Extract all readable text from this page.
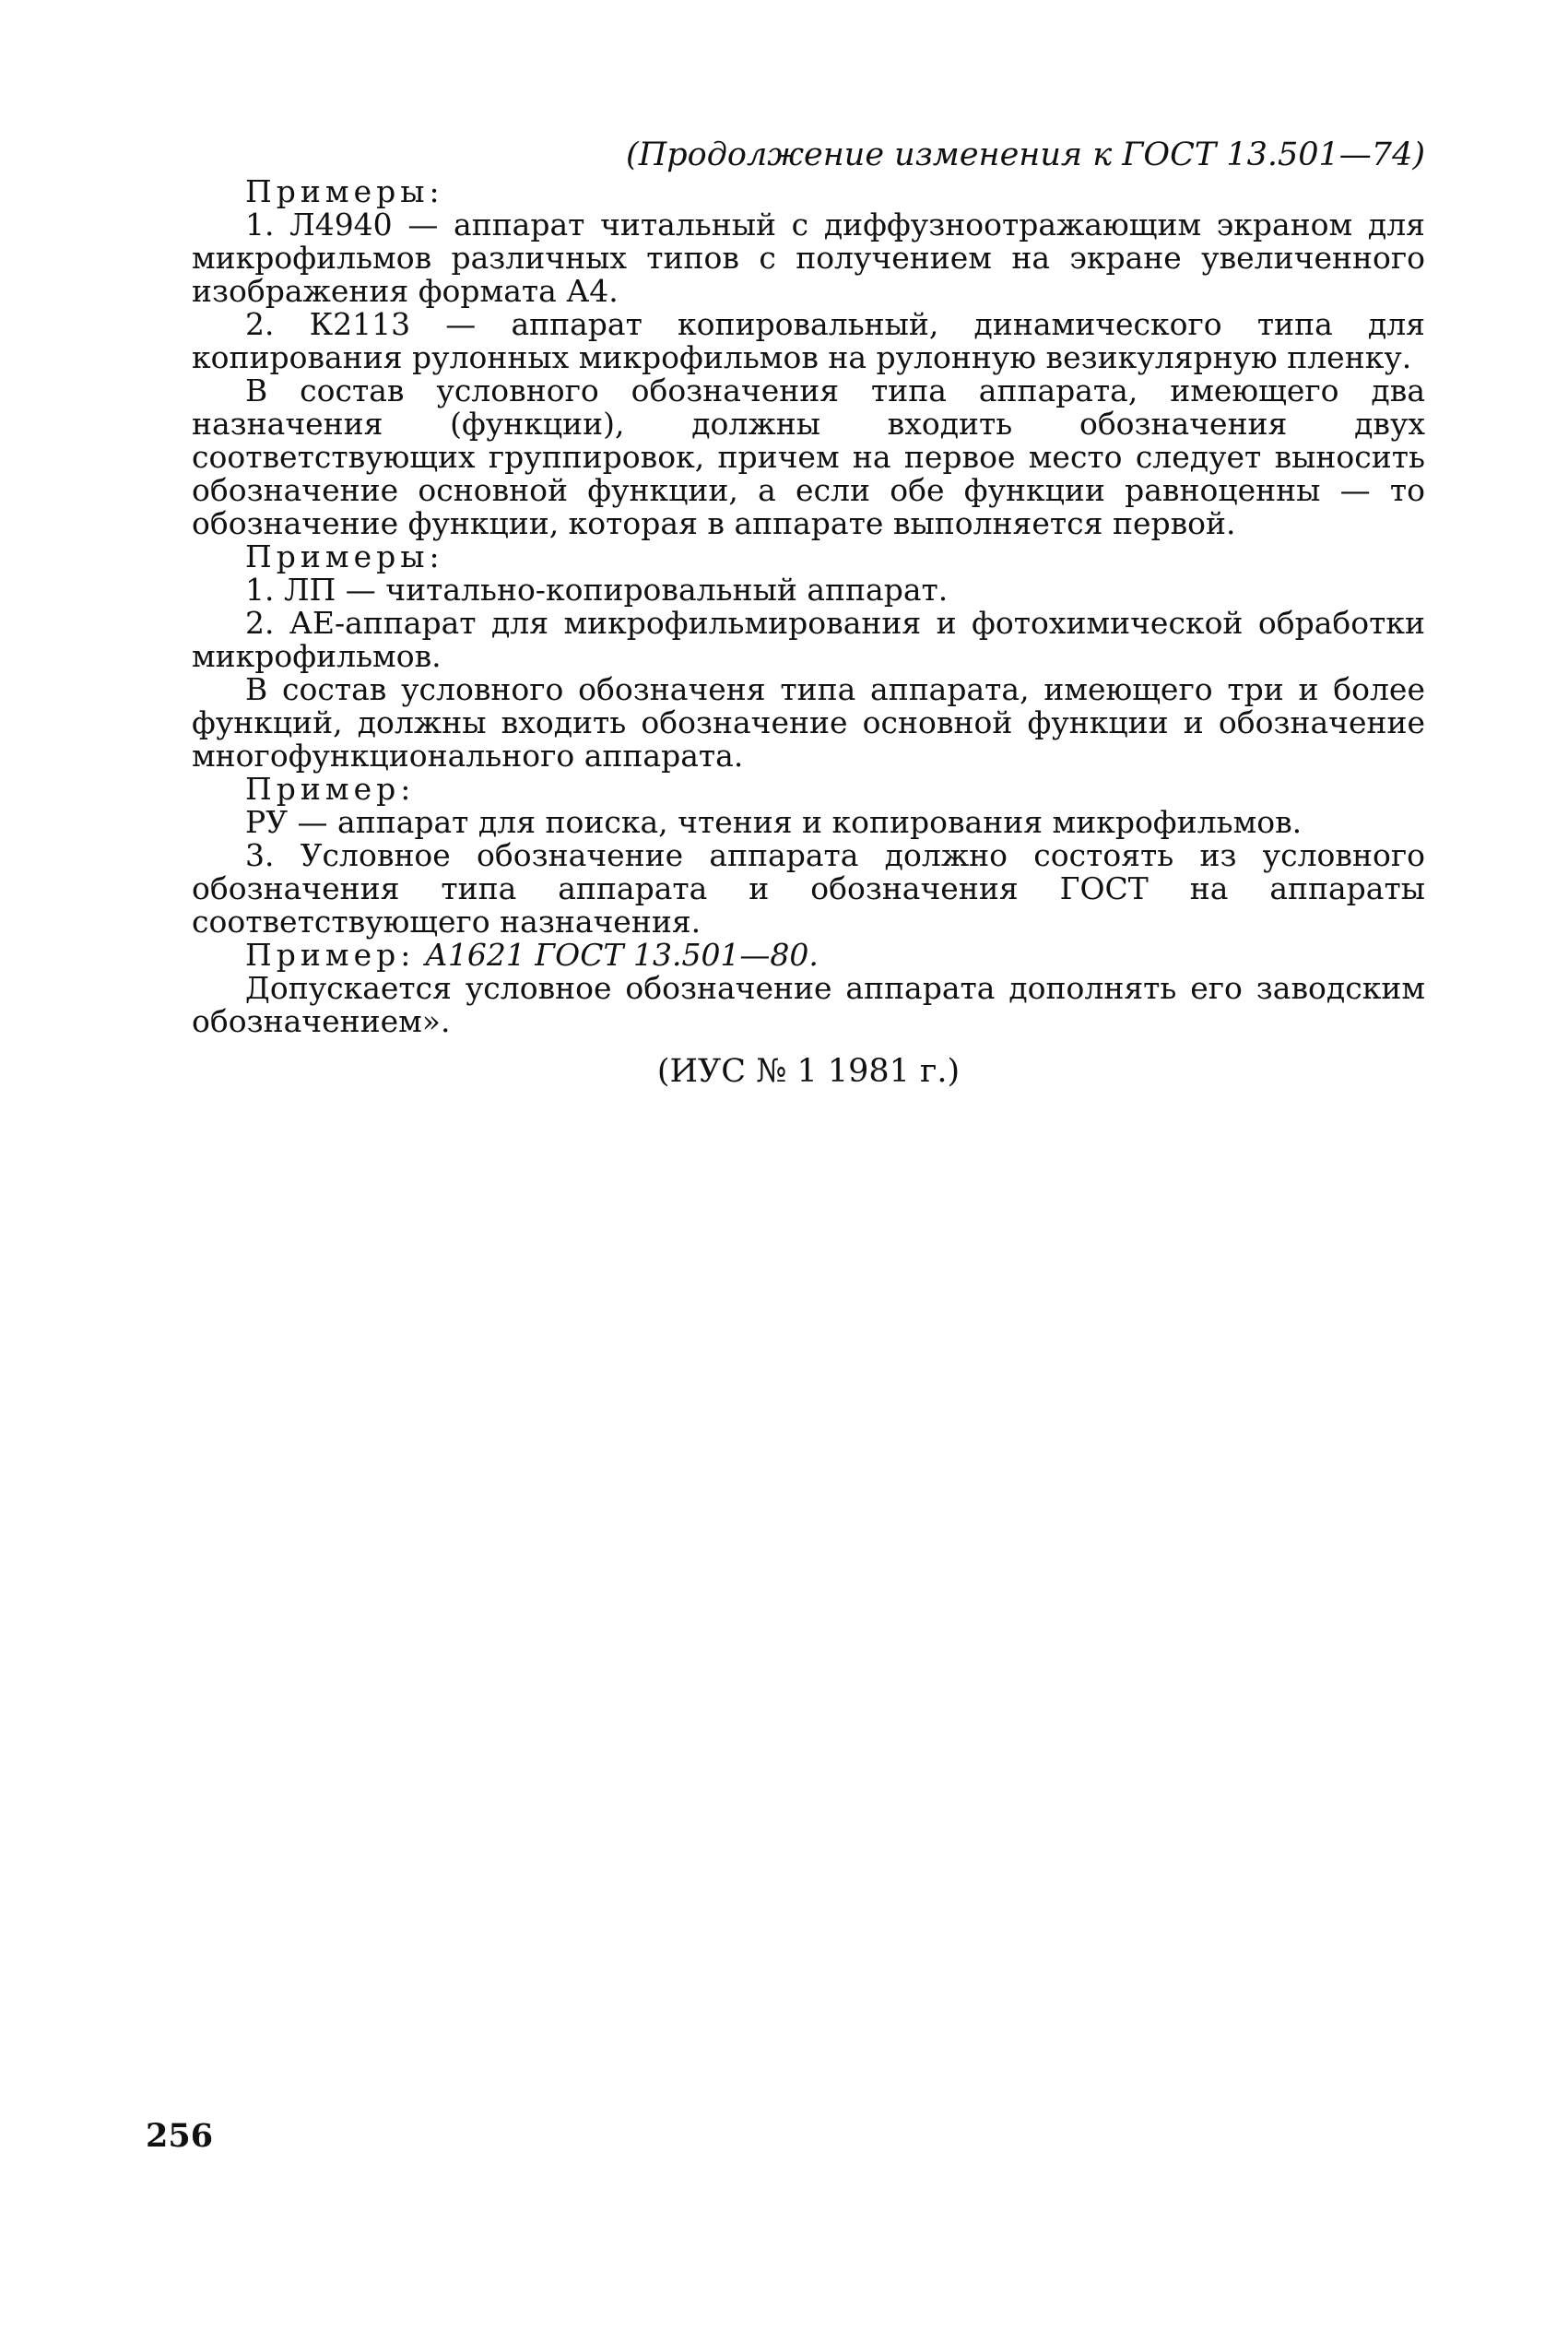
(Продолжение изменения к ГОСТ 13.501—74)

Примеры:

1. Л4940 — аппарат читальный с диффузноотражающим экраном для микрофильмов различных типов с получением на экране увеличенного изображения формата А4.

2. К2113 — аппарат копировальный, динамического типа для копирования рулонных микрофильмов на рулонную везикулярную пленку.

В состав условного обозначения типа аппарата, имеющего два назначения (функции), должны входить обозначения двух соответствующих группировок, причем на первое место следует выносить обозначение основной функции, а если обе функции равноценны — то обозначение функции, которая в аппарате выполняется первой.

Примеры:

1. ЛП — читально-копировальный аппарат.

2. АЕ-аппарат для микрофильмирования и фотохимической обработки микрофильмов.

В состав условного обозначеня типа аппарата, имеющего три и более функций, должны входить обозначение основной функции и обозначение многофункционального аппарата.

Пример:

РУ — аппарат для поиска, чтения и копирования микрофильмов.

3. Условное обозначение аппарата должно состоять из условного обозначения типа аппарата и обозначения ГОСТ на аппараты соответствующего назначения.

Пример: А1621 ГОСТ 13.501—80.

Допускается условное обозначение аппарата дополнять его заводским обозначением».

(ИУС № 1 1981 г.)
256
